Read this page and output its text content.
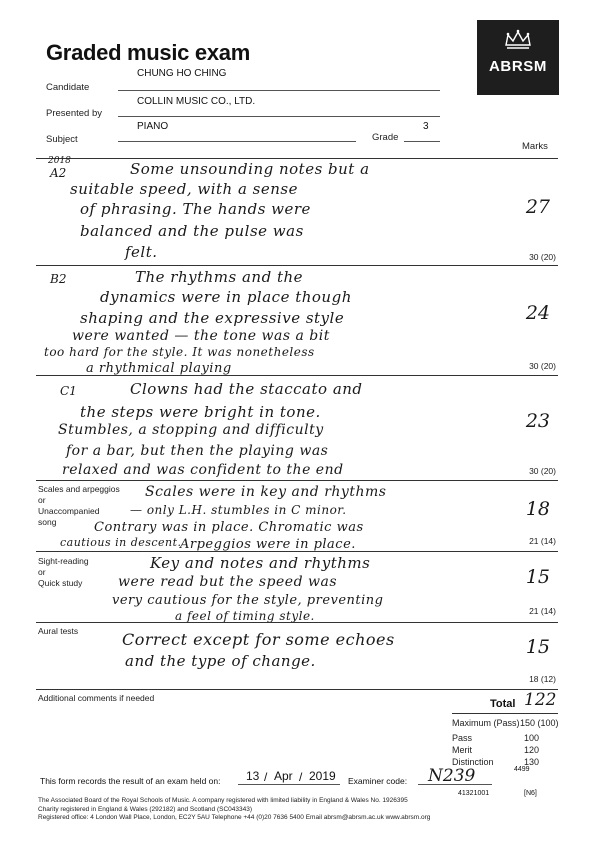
Graded music exam
ABRSM
Candidate
CHUNG HO CHING
COLLIN MUSIC CO., LTD.
Presented by
PIANO
Subject	Grade
3
Marks
2018
A2	Some unsounding notes but a
suitable speed, with a sense
of phrasing. The hands were
balanced and the pulse was
felt.
27
30 (20)
B2	The rhythms and the
dynamics were in place though
shaping and the expressive style
were wanted — the tone was a bit
too hard for the style. It was nonetheless
a rhythmical playing
24
30 (20)
C1	Clowns had the staccato and
the steps were bright in tone.
Stumbles, a stopping and difficulty
for a bar, but then the playing was
relaxed and was confident to the end
23
30 (20)
Scales and arpeggios
or
Unaccompanied
song
Scales were in key and rhythms
— only L.H. stumbles in C minor.
Contrary was in place. Chromatic was
cautious in descent.
Arpeggios were in place.
18
21 (14)
Sight-reading
or
Quick study
Key and notes and rhythms
were read but the speed was
very cautious for the style, preventing
a feel of timing style.
15
21 (14)
Aural tests	Correct except for some echoes
and the type of change.
15
18 (12)
Additional comments if needed	Total 122
Maximum (Pass) 150 (100)
Pass	100
Merit	120
Distinction	130
This form records the result of an exam held on: 13 / Apr / 2019 Examiner code: N239	4499
41321001	[N6]
The Associated Board of the Royal Schools of Music. A company registered with limited liability in England & Wales No. 1926395
Charity registered in England & Wales (292182) and Scotland (SC043343)
Registered office: 4 London Wall Place, London, EC2Y 5AU Telephone +44 (0)20 7636 5400 Email abrsm@abrsm.ac.uk www.abrsm.org
